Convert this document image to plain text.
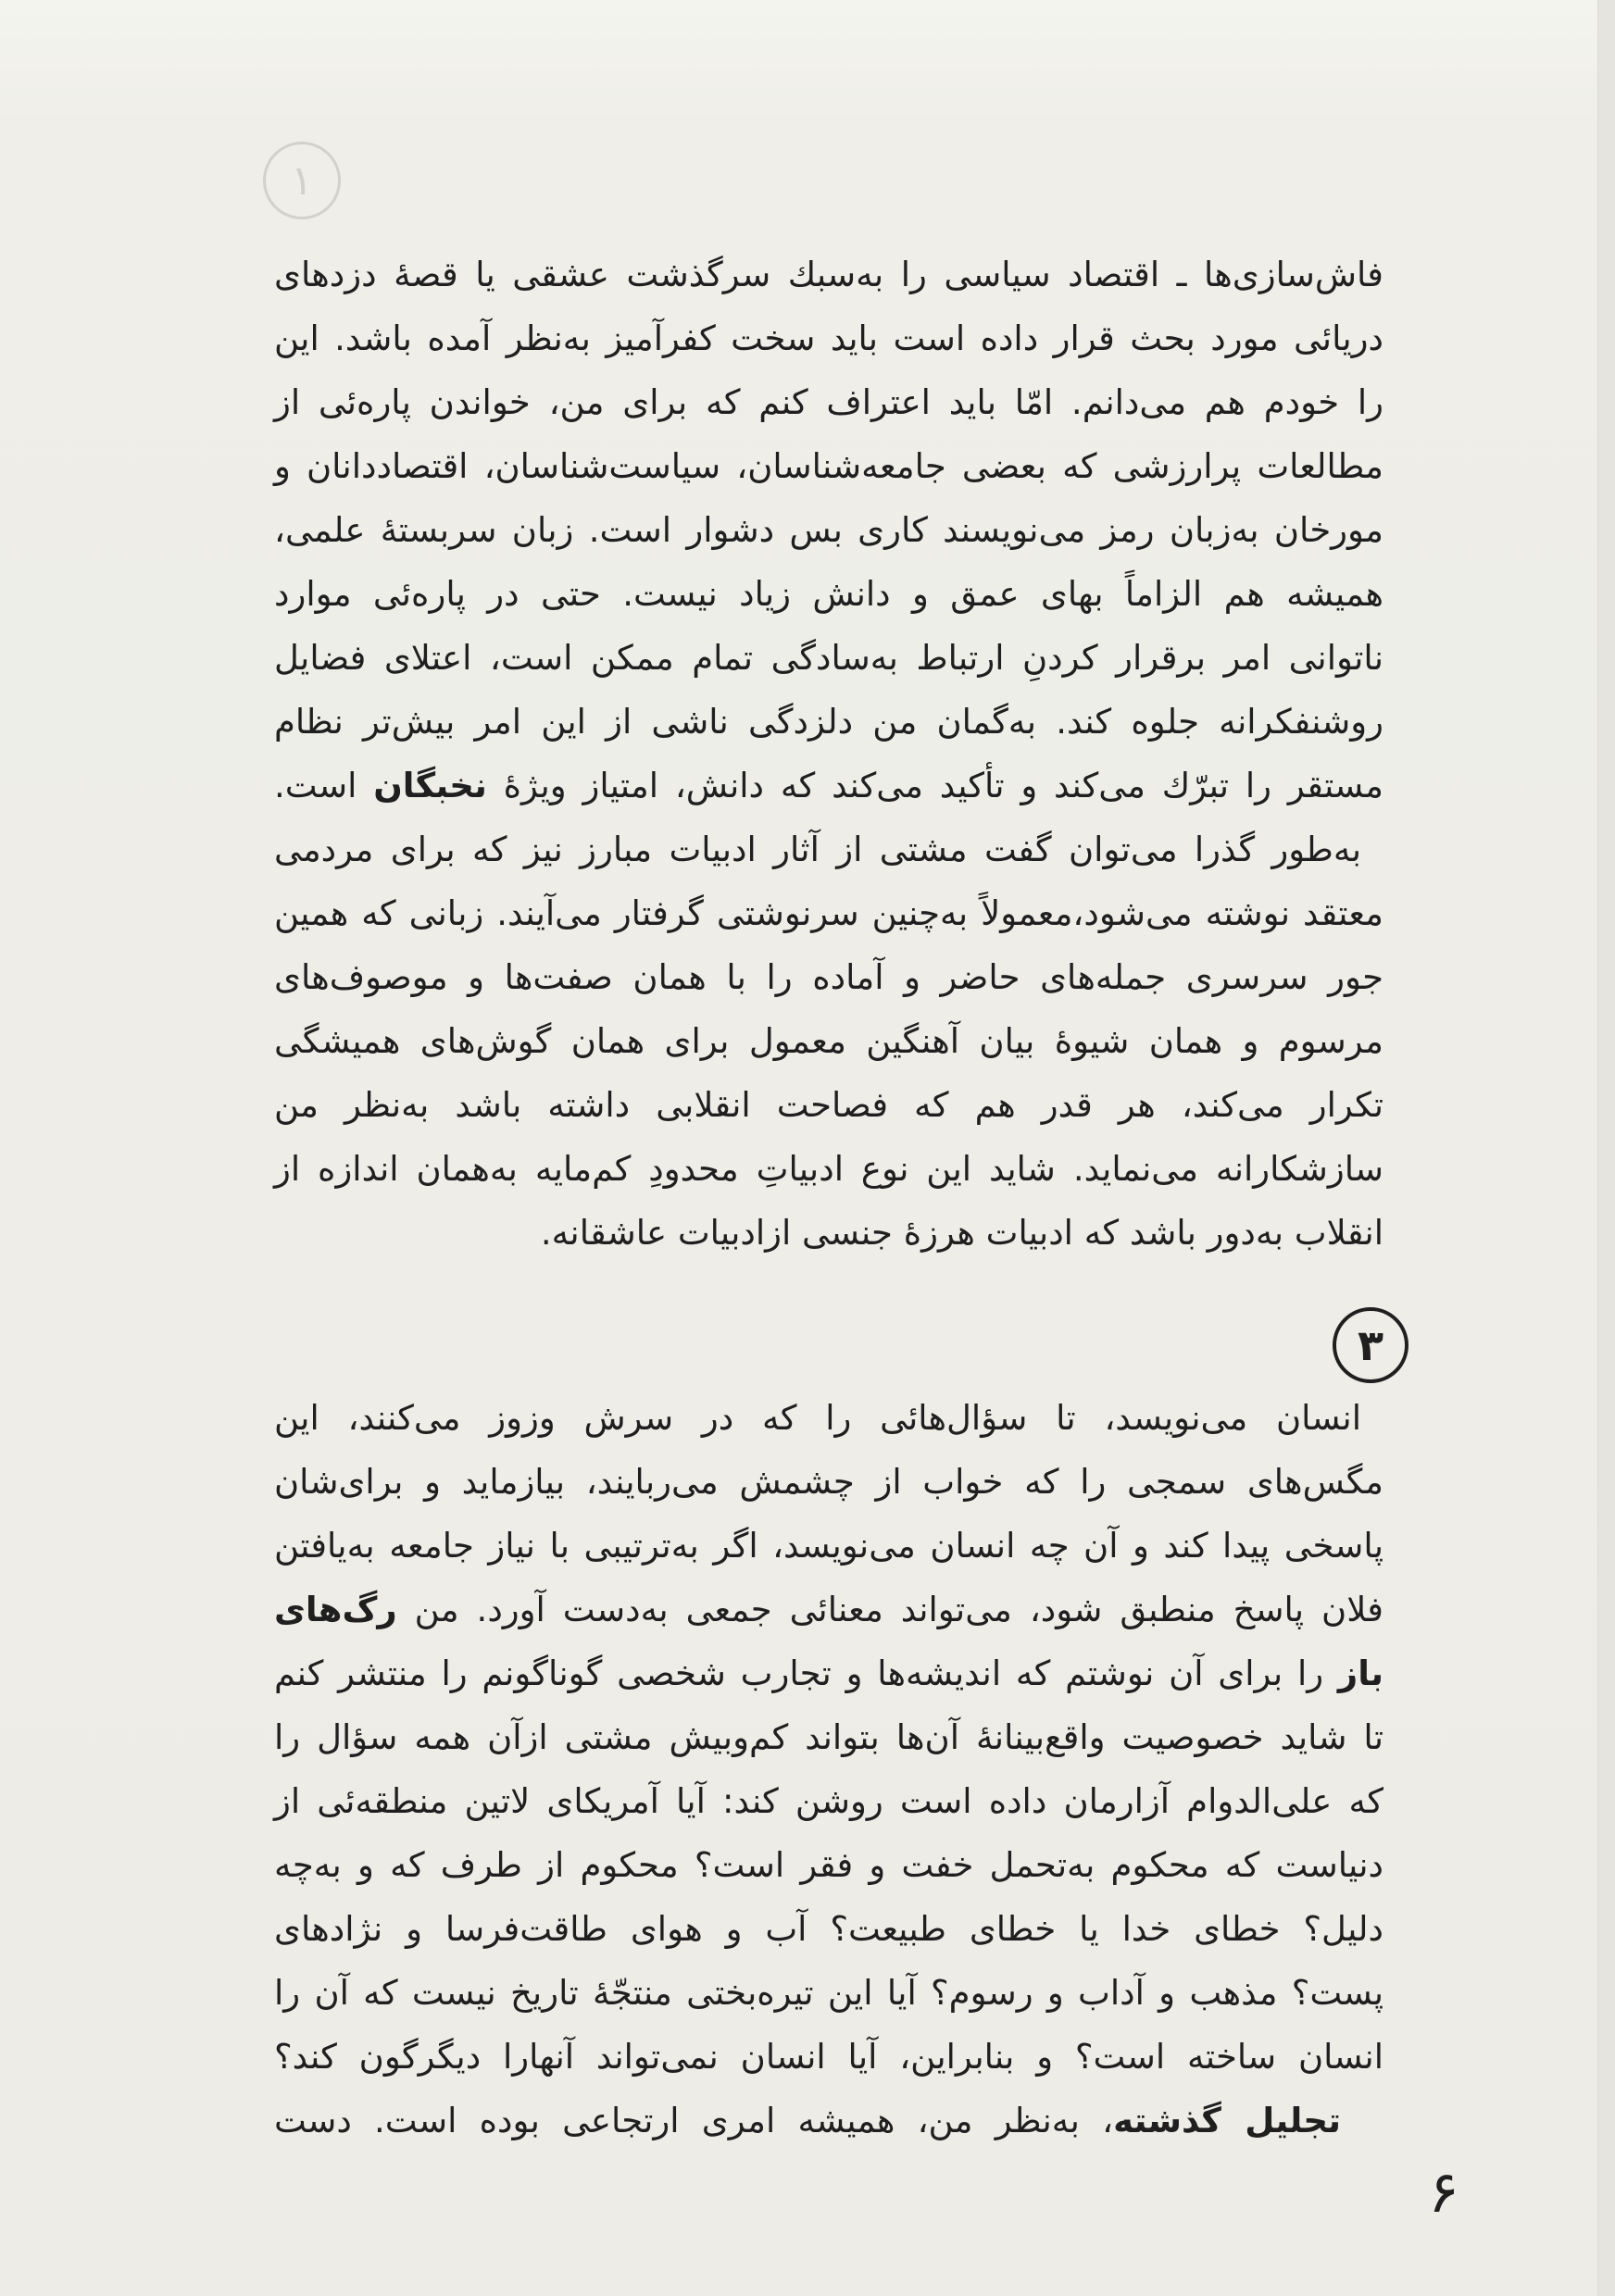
۱
فاش‌سازی‌ها ـ اقتصاد سیاسی را به‌سبك سرگذشت عشقی یا قصهٔ دزدهای
دریائی مورد بحث قرار داده است باید سخت کفرآمیز به‌نظر آمده باشد. این
را خودم هم می‌دانم. امّا باید اعتراف کنم که برای من، خواندن پاره‌ئی از
مطالعات پرارزشی که بعضی جامعه‌شناسان، سیاست‌شناسان، اقتصاددانان و
مورخان به‌زبان رمز می‌نویسند کاری بس دشوار است. زبان سربستهٔ علمی،
همیشه هم الزاماً بهای عمق و دانش زیاد نیست. حتی در پاره‌ئی موارد
ناتوانی امر برقرار کردنِ ارتباط به‌سادگی تمام ممکن است، اعتلای فضایل
روشنفکرانه جلوه کند. به‌گمان من دلزدگی ناشی از این امر بیش‌تر نظام
مستقر را تبرّك می‌کند و تأکید می‌کند که دانش، امتیاز ویژهٔ نخبگان است.
به‌طور گذرا می‌توان گفت مشتی از آثار ادبیات مبارز نیز که برای مردمی
معتقد نوشته می‌شود،معمولاً به‌چنین سرنوشتی گرفتار می‌آیند. زبانی که همین
جور سرسری جمله‌های حاضر و آماده را با همان صفت‌ها و موصوف‌های
مرسوم و همان شیوهٔ بیان آهنگین معمول برای همان گوش‌های همیشگی
تکرار می‌کند، هر قدر هم که فصاحت انقلابی داشته باشد به‌نظر من
سازشکارانه می‌نماید. شاید این نوع ادبیاتِ محدودِ کم‌مایه به‌همان اندازه از
انقلاب به‌دور باشد که ادبیات هرزهٔ جنسی ازادبیات عاشقانه.
۳
انسان می‌نویسد، تا سؤال‌هائی را که در سرش وزوز می‌کنند، این
مگس‌های سمجی را که خواب از چشمش می‌ربایند، بیازماید و برای‌شان
پاسخی پیدا کند و آن چه انسان می‌نویسد، اگر به‌ترتیبی با نیاز جامعه به‌یافتن
فلان پاسخ منطبق شود، می‌تواند معنائی جمعی به‌دست آورد. من رگ‌های
باز را برای آن نوشتم که اندیشه‌ها و تجارب شخصی گوناگونم را منتشر کنم
تا شاید خصوصیت واقع‌بینانهٔ آن‌ها بتواند کم‌وبیش مشتی ازآن همه سؤال را
که علی‌الدوام آزارمان داده است روشن کند: آیا آمریکای لاتین منطقه‌ئی از
دنیاست که محکوم به‌تحمل خفت و فقر است؟ محکوم از طرف که و به‌چه
دلیل؟ خطای خدا یا خطای طبیعت؟ آب و هوای طاقت‌فرسا و نژادهای
پست؟ مذهب و آداب و رسوم؟ آیا این تیره‌بختی منتجّهٔ تاریخ نیست که آن را
انسان ساخته است؟ و بنابراین، آیا انسان نمی‌تواند آنهارا دیگرگون کند؟
تجلیل گذشته، به‌نظر من، همیشه امری ارتجاعی بوده است. دست
۶
